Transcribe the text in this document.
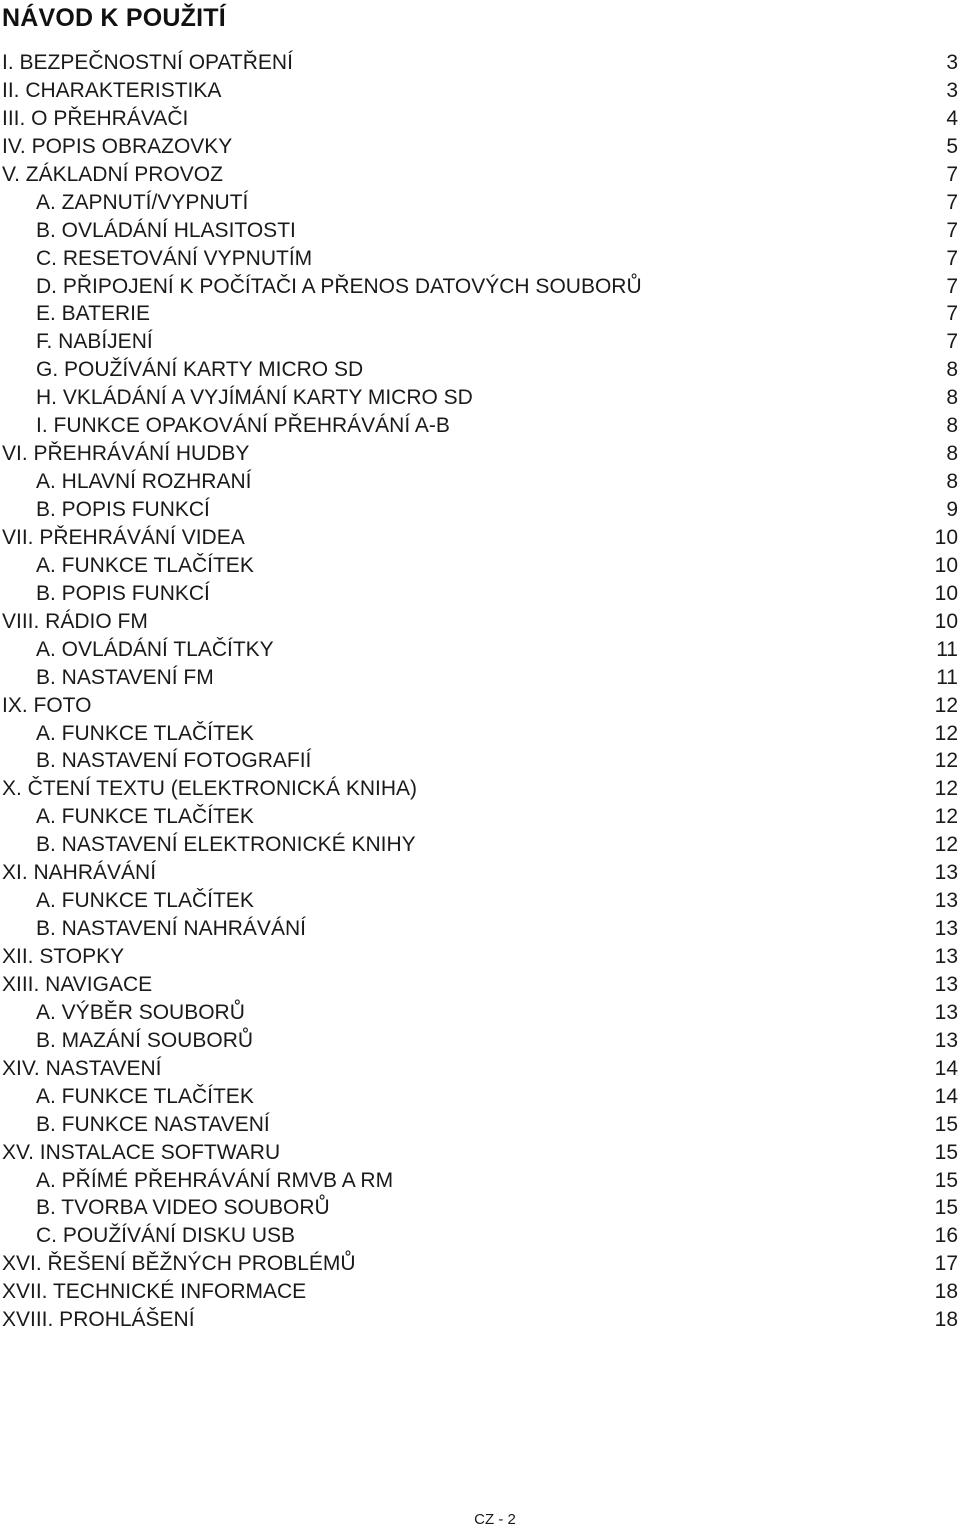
NÁVOD K POUŽITÍ
I. BEZPEČNOSTNÍ OPATŘENÍ	3
II. CHARAKTERISTIKA	3
III. O PŘEHRÁVAČI	4
IV. POPIS OBRAZOVKY	5
V. ZÁKLADNÍ PROVOZ	7
A. ZAPNUTÍ/VYPNUTÍ	7
B. OVLÁDÁNÍ HLASITOSTI	7
C. RESETOVÁNÍ VYPNUTÍM	7
D. PŘIPOJENÍ K POČÍTAČI A PŘENOS DATOVÝCH SOUBORŮ	7
E. BATERIE	7
F. NABÍJENÍ	7
G. POUŽÍVÁNÍ KARTY MICRO SD	8
H. VKLÁDÁNÍ A VYJÍMÁNÍ KARTY MICRO SD	8
I. FUNKCE OPAKOVÁNÍ PŘEHRÁVÁNÍ A-B	8
VI. PŘEHRÁVÁNÍ HUDBY	8
A. HLAVNÍ ROZHRANÍ	8
B. POPIS FUNKCÍ	9
VII. PŘEHRÁVÁNÍ VIDEA	10
A. FUNKCE TLAČÍTEK	10
B. POPIS FUNKCÍ	10
VIII. RÁDIO FM	10
A. OVLÁDÁNÍ TLAČÍTKY	11
B. NASTAVENÍ FM	11
IX. FOTO	12
A. FUNKCE TLAČÍTEK	12
B. NASTAVENÍ FOTOGRAFIÍ	12
X. ČTENÍ TEXTU (ELEKTRONICKÁ KNIHA)	12
A. FUNKCE TLAČÍTEK	12
B. NASTAVENÍ ELEKTRONICKÉ KNIHY	12
XI. NAHRÁVÁNÍ	13
A. FUNKCE TLAČÍTEK	13
B. NASTAVENÍ NAHRÁVÁNÍ	13
XII. STOPKY	13
XIII. NAVIGACE	13
A. VÝBĚR SOUBORŮ	13
B. MAZÁNÍ SOUBORŮ	13
XIV. NASTAVENÍ	14
A. FUNKCE TLAČÍTEK	14
B. FUNKCE NASTAVENÍ	15
XV. INSTALACE SOFTWARU	15
A. PŘÍMÉ PŘEHRÁVÁNÍ RMVB A RM	15
B. TVORBA VIDEO SOUBORŮ	15
C. POUŽÍVÁNÍ DISKU USB	16
XVI. ŘEŠENÍ BĚŽNÝCH PROBLÉMŮ	17
XVII. TECHNICKÉ INFORMACE	18
XVIII. PROHLÁŠENÍ	18
CZ - 2
